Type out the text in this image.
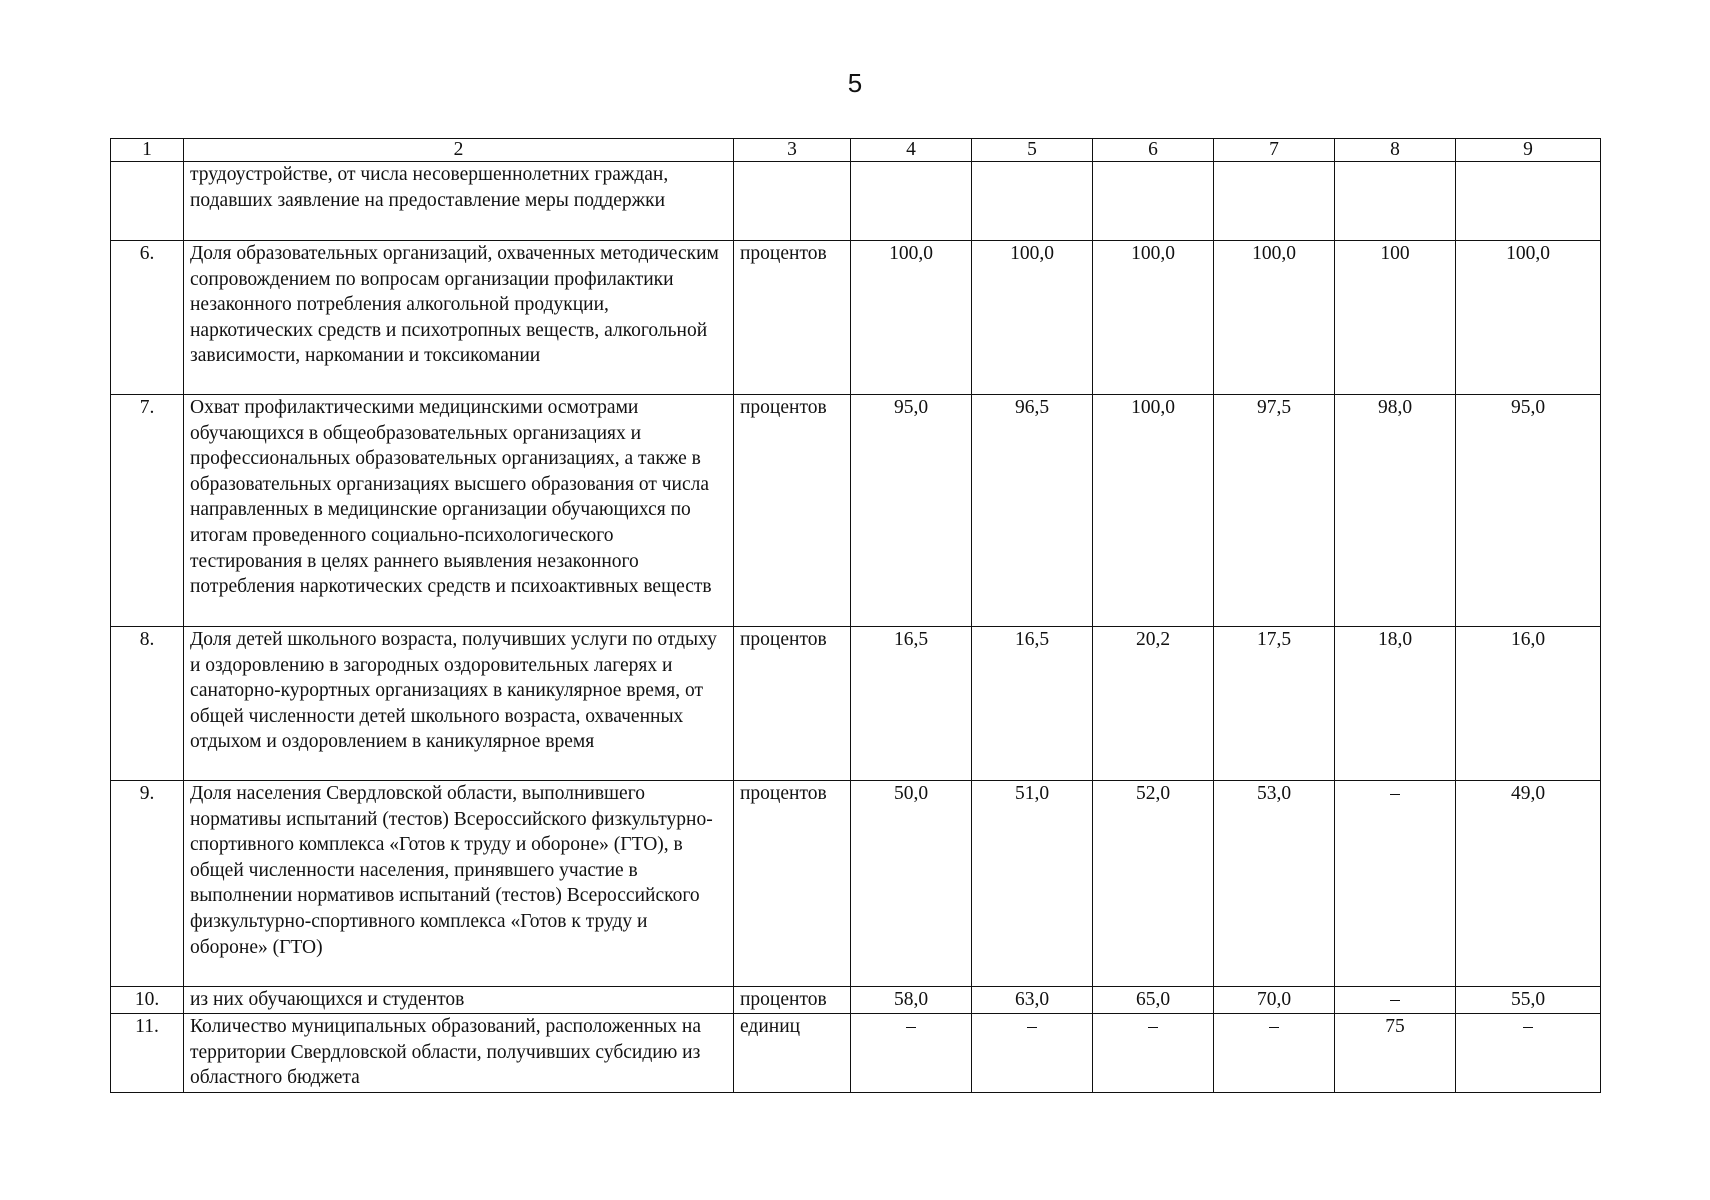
5
1	2	3	4	5	6	7	8	9
	трудоустройстве, от числа несовершеннолетних граждан, подавших заявление на предоставление меры поддержки							
6.	Доля образовательных организаций, охваченных методическим сопровождением по вопросам организации профилактики незаконного потребления алкогольной продукции, наркотических средств и психотропных веществ, алкогольной зависимости, наркомании и токсикомании	процентов	100,0	100,0	100,0	100,0	100	100,0
7.	Охват профилактическими медицинскими осмотрами обучающихся в общеобразовательных организациях и профессиональных образовательных организациях, а также в образовательных организациях высшего образования от числа направленных в медицинские организации обучающихся по итогам проведенного социально-психологического тестирования в целях раннего выявления незаконного потребления наркотических средств и психоактивных веществ	процентов	95,0	96,5	100,0	97,5	98,0	95,0
8.	Доля детей школьного возраста, получивших услуги по отдыху и оздоровлению в загородных оздоровительных лагерях и санаторно-курортных организациях в каникулярное время, от общей численности детей школьного возраста, охваченных отдыхом и оздоровлением в каникулярное время	процентов	16,5	16,5	20,2	17,5	18,0	16,0
9.	Доля населения Свердловской области, выполнившего нормативы испытаний (тестов) Всероссийского физкультурно-спортивного комплекса «Готов к труду и обороне» (ГТО), в общей численности населения, принявшего участие в выполнении нормативов испытаний (тестов) Всероссийского физкультурно-спортивного комплекса «Готов к труду и обороне» (ГТО)	процентов	50,0	51,0	52,0	53,0	–	49,0
10.	из них обучающихся и студентов	процентов	58,0	63,0	65,0	70,0	–	55,0
11.	Количество муниципальных образований, расположенных на территории Свердловской области, получивших субсидию из областного бюджета	единиц	–	–	–	–	75	–
